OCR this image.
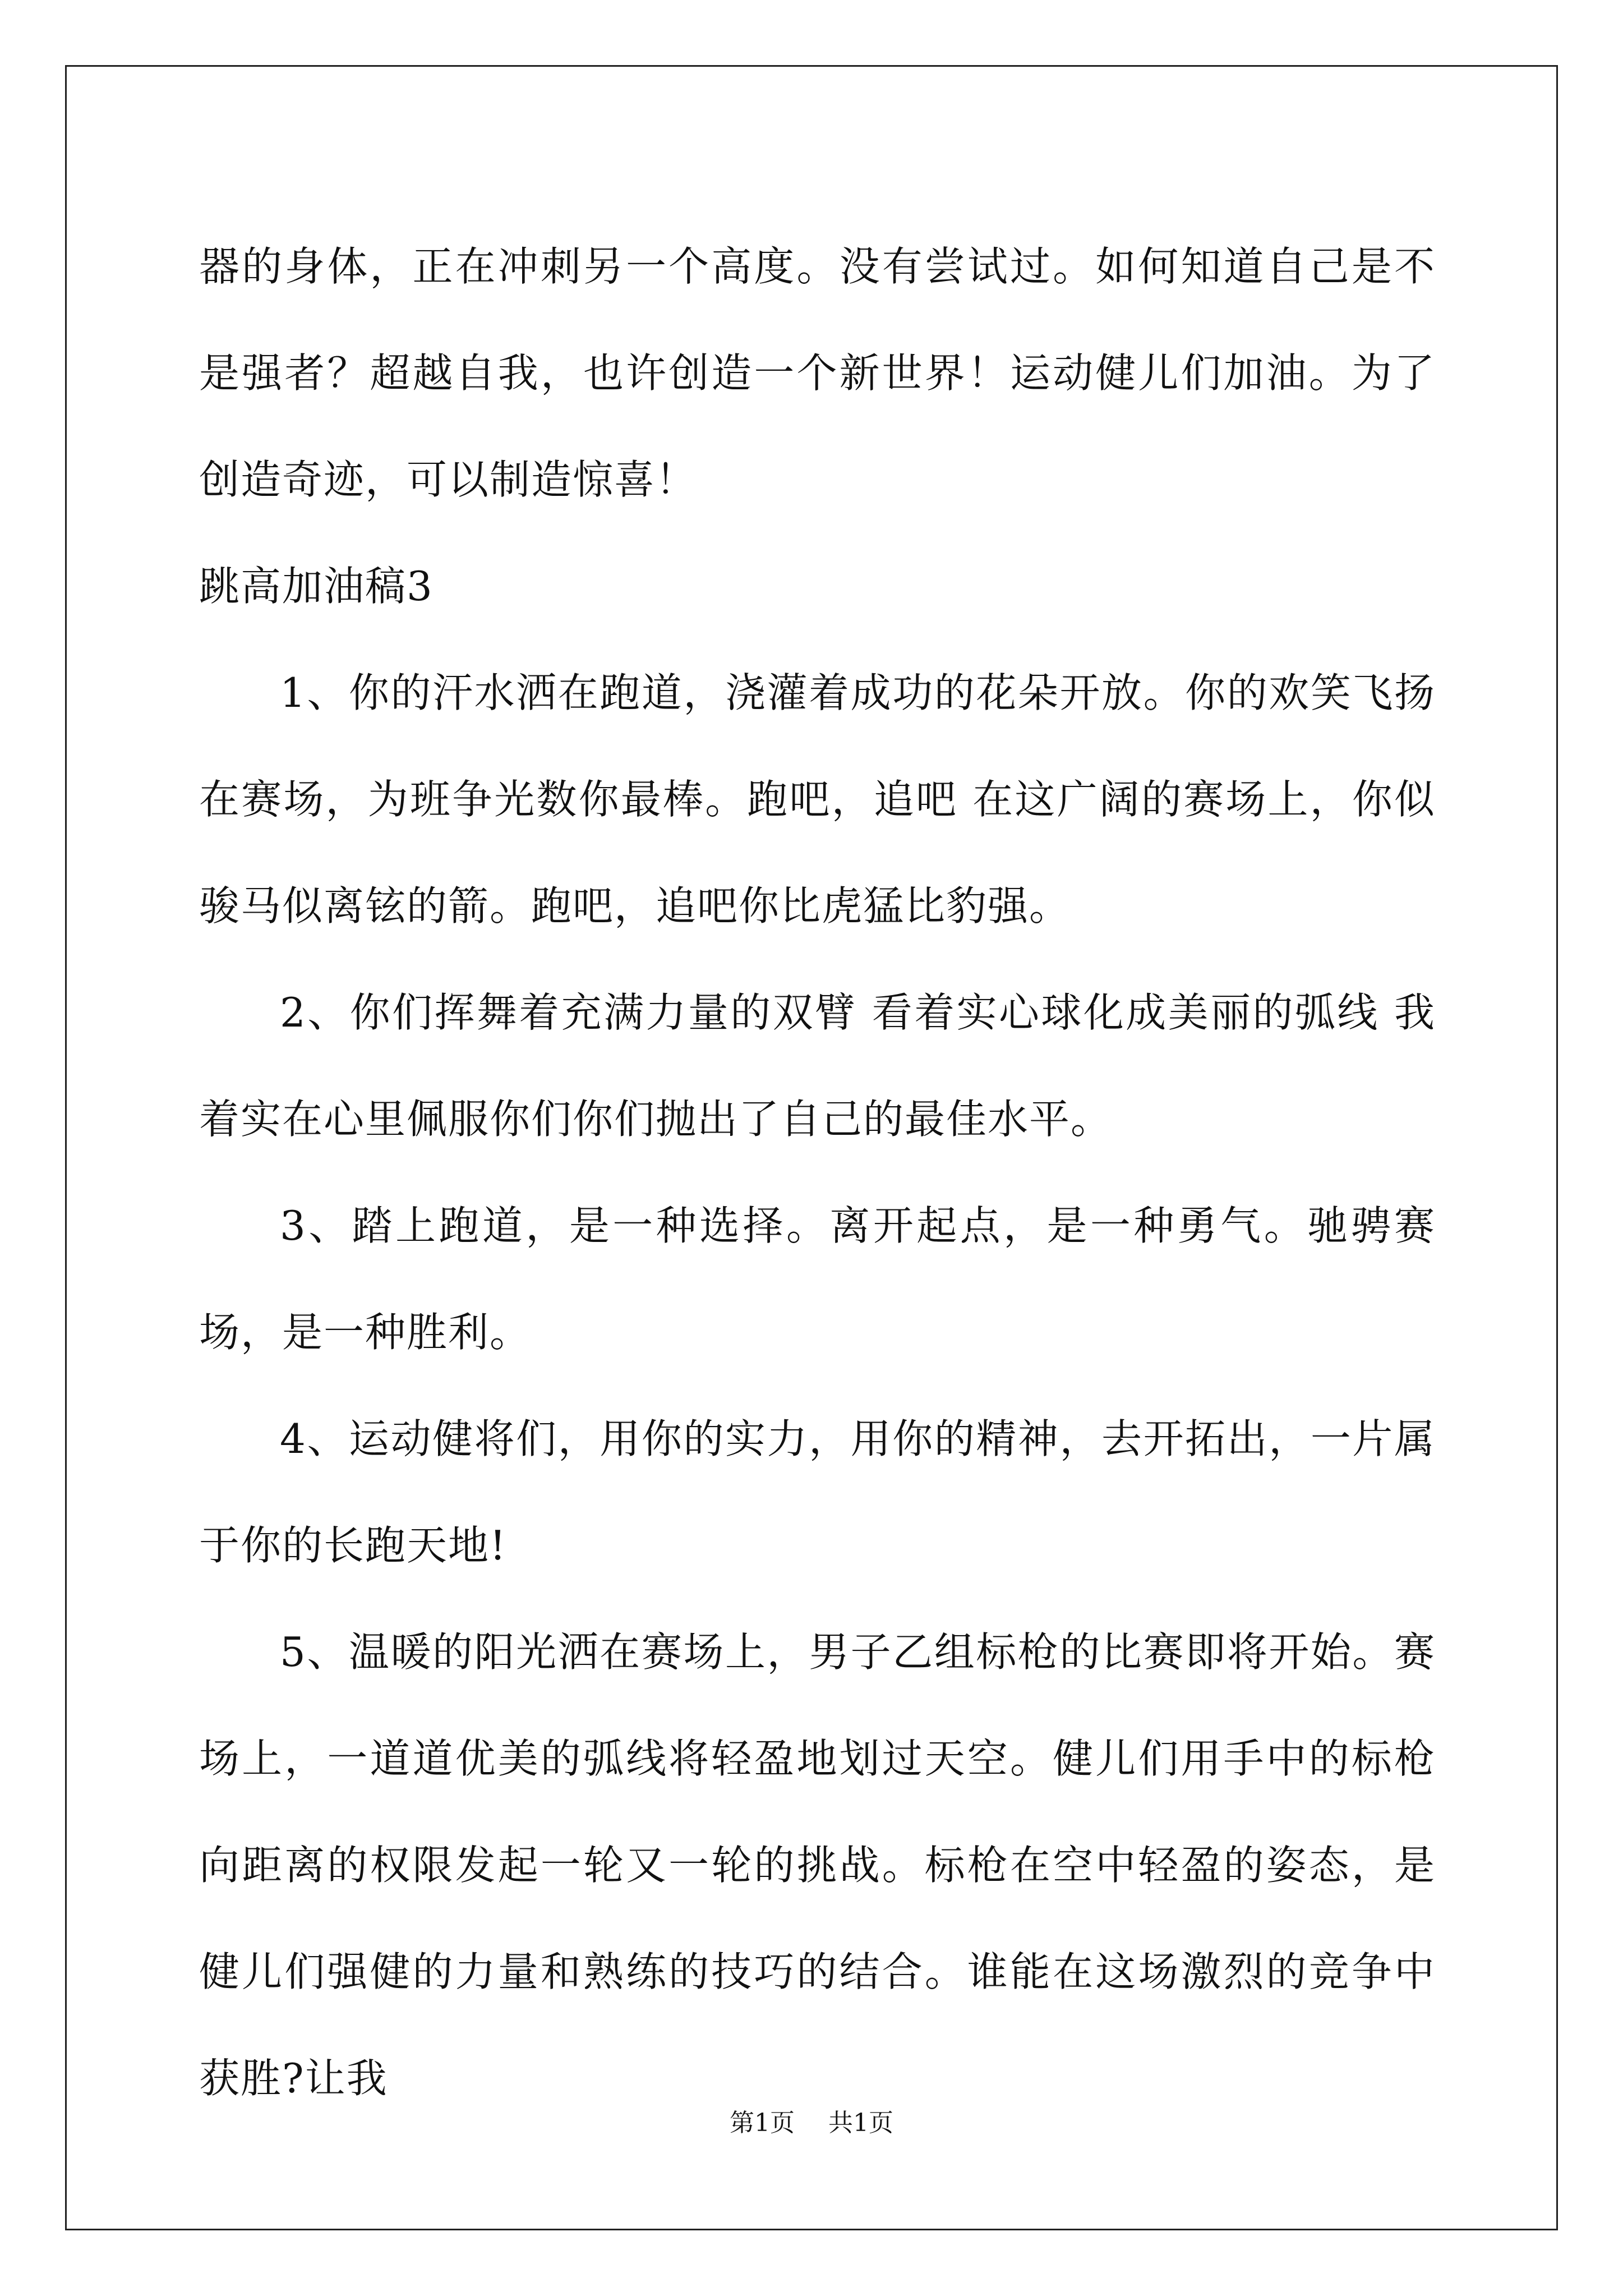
器的身体，正在冲刺另一个高度。没有尝试过。如何知道自己是不是强者？超越自我，也许创造一个新世界！运动健儿们加油。为了创造奇迹，可以制造惊喜！

跳高加油稿3

1、你的汗水洒在跑道，浇灌着成功的花朵开放。你的欢笑飞扬在赛场，为班争光数你最棒。跑吧，追吧 在这广阔的赛场上，你似骏马似离铉的箭。跑吧，追吧你比虎猛比豹强。

2、你们挥舞着充满力量的双臂 看着实心球化成美丽的弧线 我着实在心里佩服你们你们抛出了自己的最佳水平。

3、踏上跑道，是一种选择。离开起点，是一种勇气。驰骋赛场，是一种胜利。

4、运动健将们，用你的实力，用你的精神，去开拓出，一片属于你的长跑天地!

5、温暖的阳光洒在赛场上，男子乙组标枪的比赛即将开始。赛场上，一道道优美的弧线将轻盈地划过天空。健儿们用手中的标枪向距离的权限发起一轮又一轮的挑战。标枪在空中轻盈的姿态，是健儿们强健的力量和熟练的技巧的结合。谁能在这场激烈的竞争中获胜?让我

第1页 共1页
